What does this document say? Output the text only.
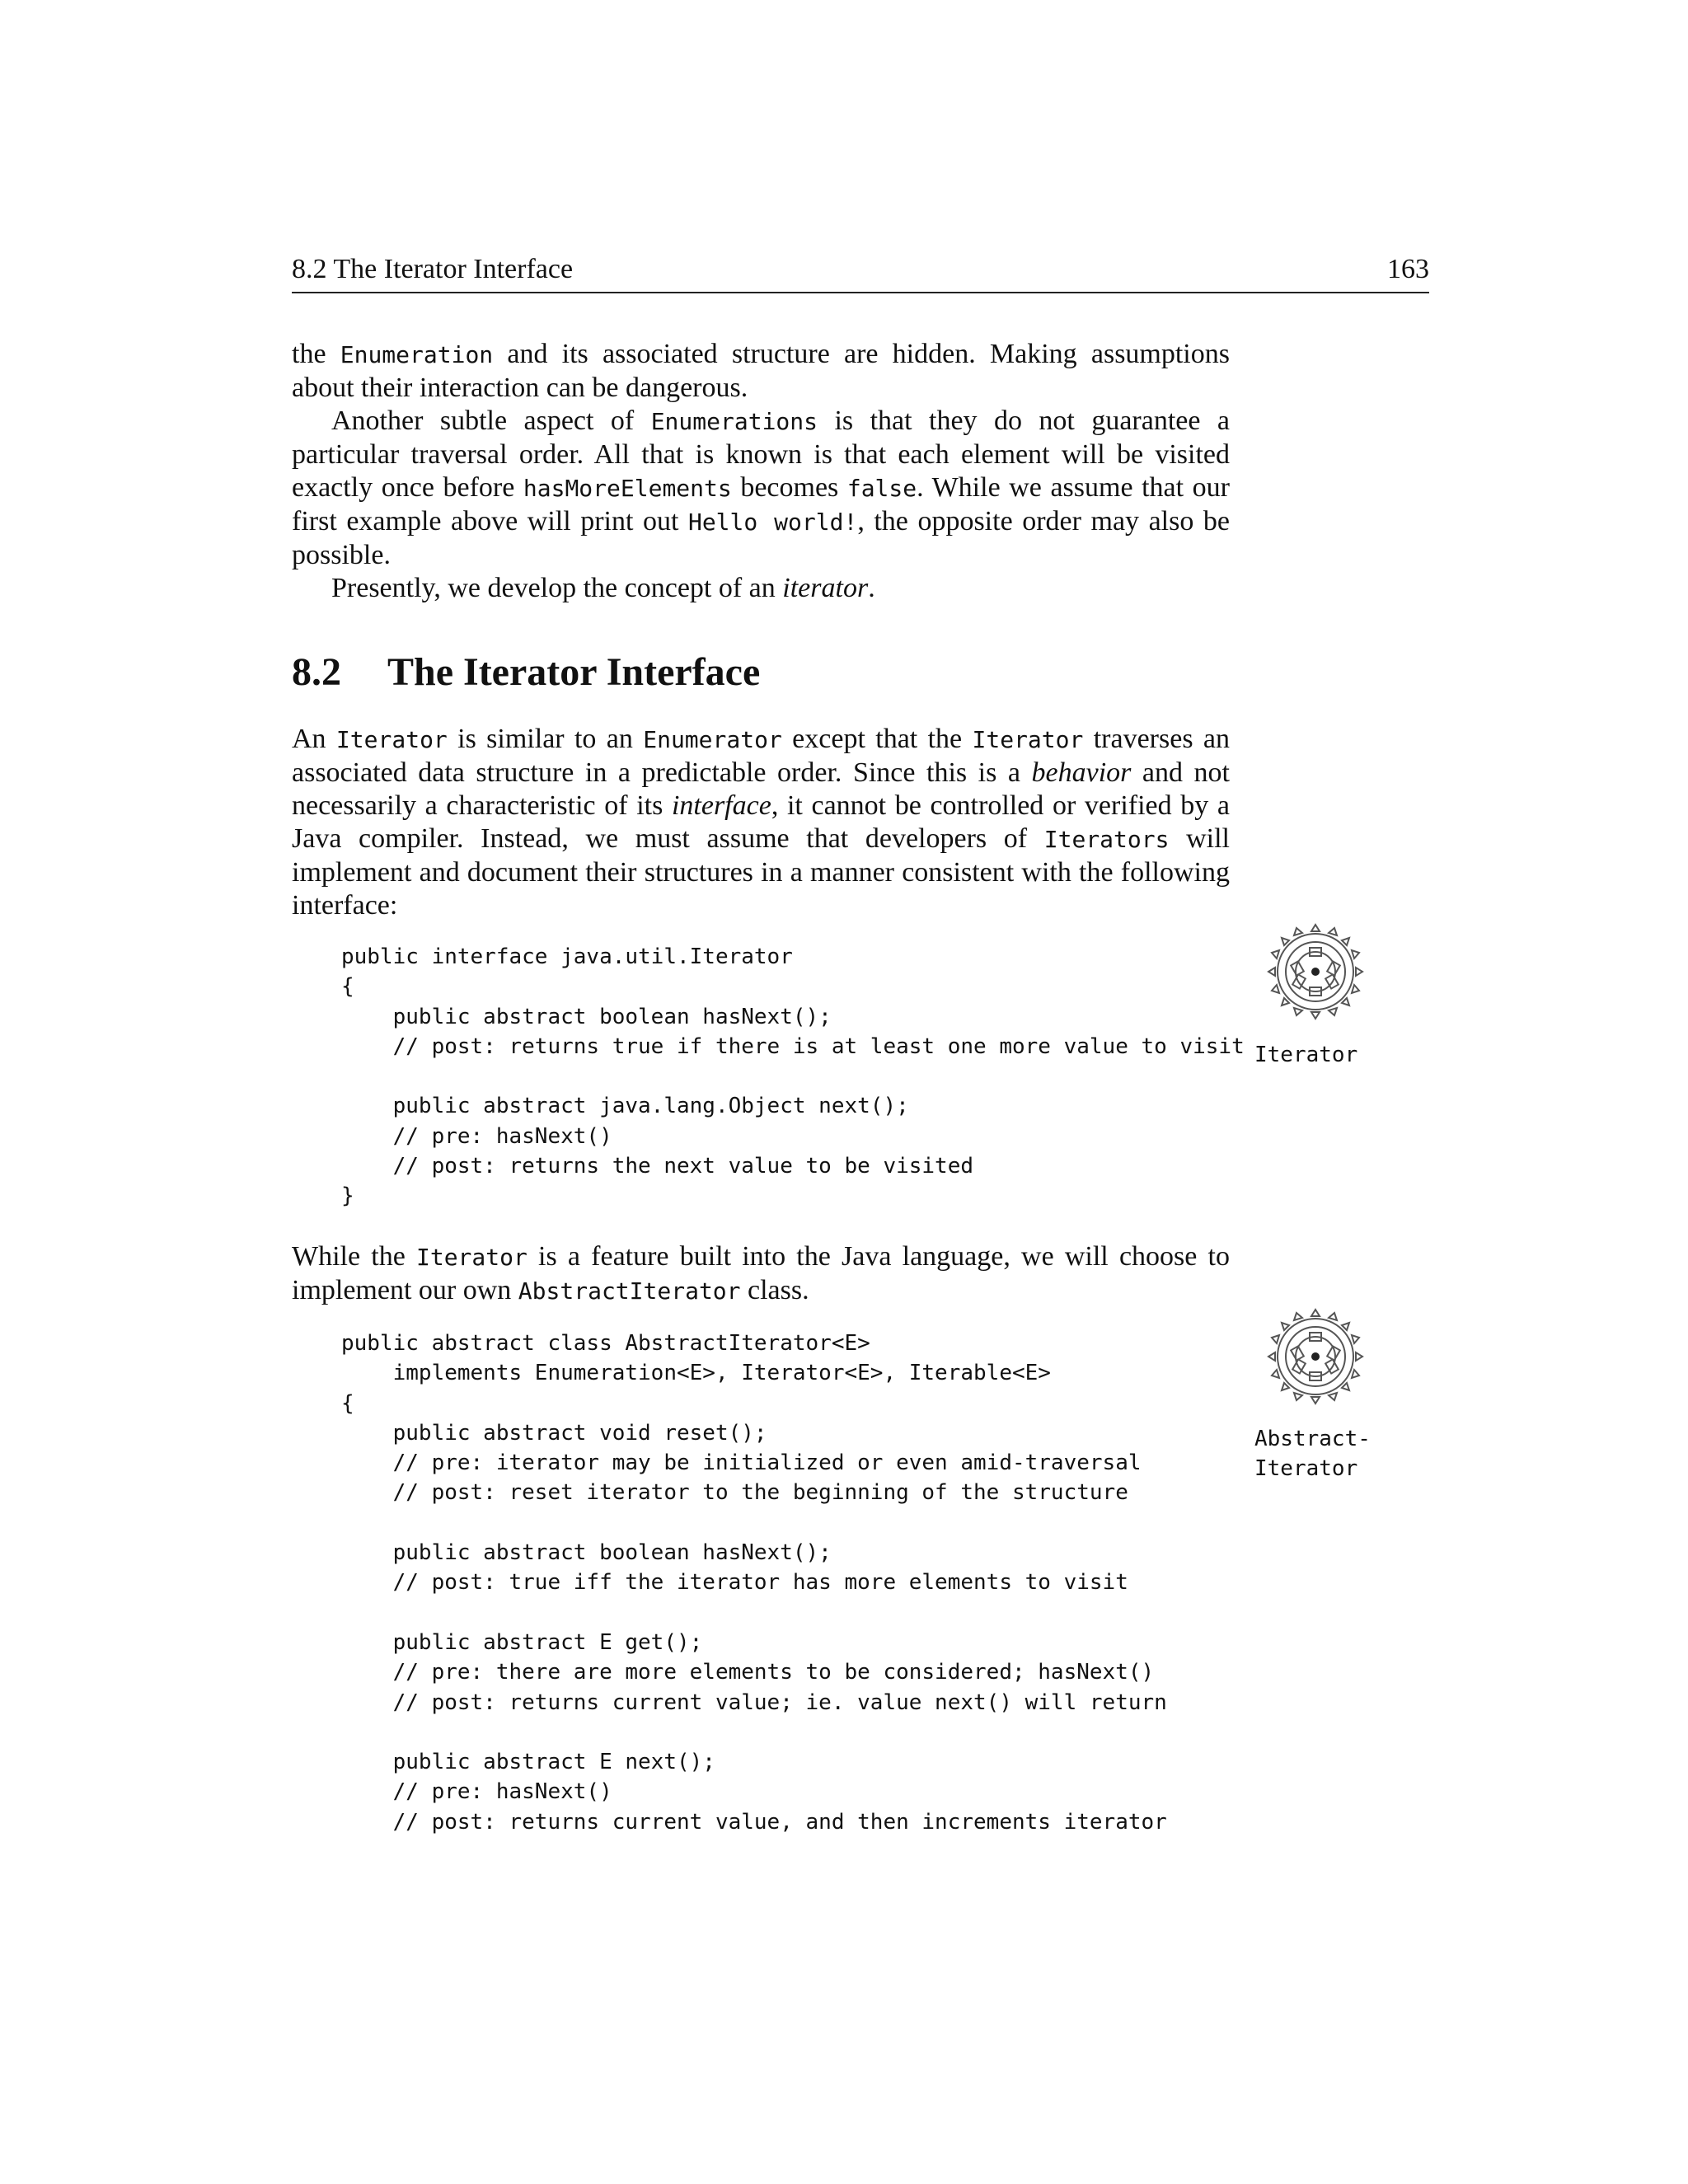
8.2 The Iterator Interface	163

the Enumeration and its associated structure are hidden. Making assumptions about their interaction can be dangerous.

Another subtle aspect of Enumerations is that they do not guarantee a particular traversal order. All that is known is that each element will be visited exactly once before hasMoreElements becomes false. While we assume that our first example above will print out Hello world!, the opposite order may also be possible.

Presently, we develop the concept of an iterator.

8.2 The Iterator Interface

An Iterator is similar to an Enumerator except that the Iterator traverses an associated data structure in a predictable order. Since this is a behavior and not necessarily a characteristic of its interface, it cannot be controlled or verified by a Java compiler. Instead, we must assume that developers of Iterators will implement and document their structures in a manner consistent with the following interface:

public interface java.util.Iterator
{
public abstract boolean hasNext();
// post: returns true if there is at least one more value to visit

public abstract java.lang.Object next();
// pre: hasNext()
// post: returns the next value to be visited
}
Iterator

While the Iterator is a feature built into the Java language, we will choose to implement our own AbstractIterator class.

public abstract class AbstractIterator<E>
implements Enumeration<E>, Iterator<E>, Iterable<E>
{
public abstract void reset();
// pre: iterator may be initialized or even amid-traversal
// post: reset iterator to the beginning of the structure

public abstract boolean hasNext();
// post: true iff the iterator has more elements to visit

public abstract E get();
// pre: there are more elements to be considered; hasNext()
// post: returns current value; ie. value next() will return

public abstract E next();
// pre: hasNext()
// post: returns current value, and then increments iterator
Abstract-
Iterator
